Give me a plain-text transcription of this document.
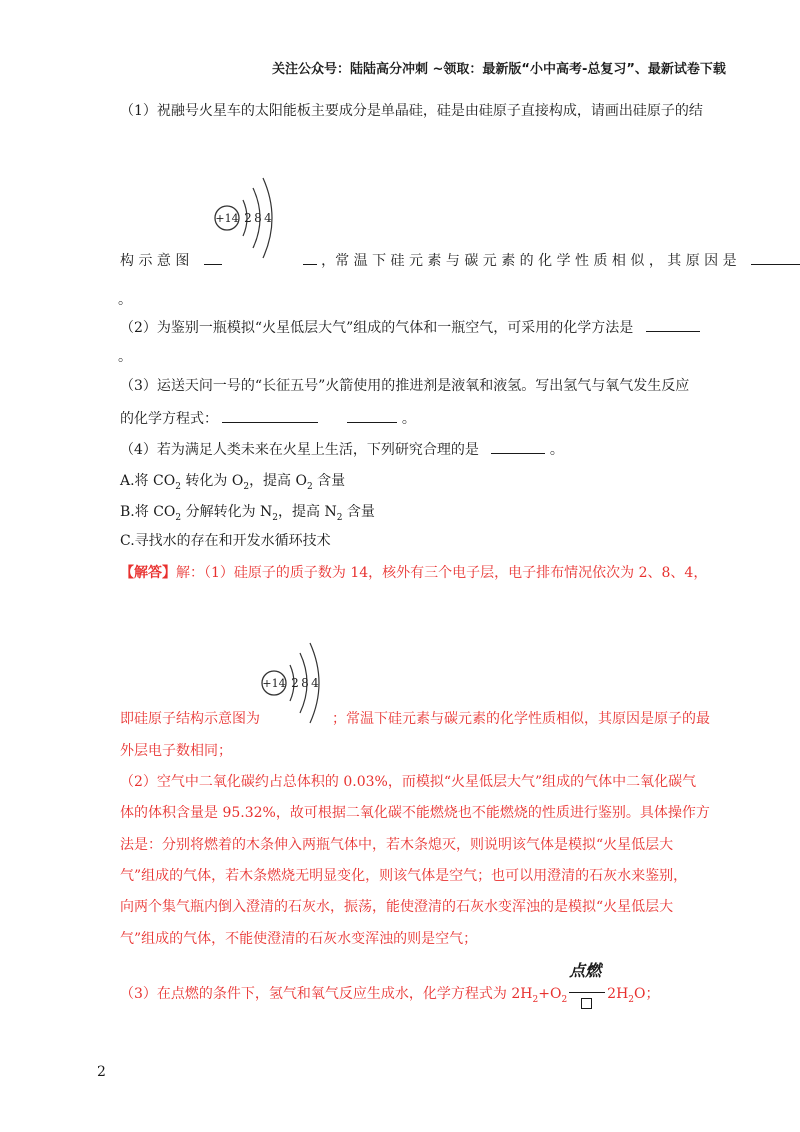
关注公众号：陆陆高分冲刺 ~领取：最新版“小中高考-总复习”、最新试卷下载
（1）祝融号火星车的太阳能板主要成分是单晶硅，硅是由硅原子直接构成，请画出硅原子的结
+14 2 8 4
构 示 意 图	，常 温 下 硅 元 素 与 碳 元 素 的 化 学 性 质 相 似 ， 其 原 因 是
。
（2）为鉴别一瓶模拟“火星低层大气”组成的气体和一瓶空气，可采用的化学方法是
。
（3）运送天问一号的“长征五号”火箭使用的推进剂是液氧和液氢。写出氢气与氧气发生反应
的化学方程式：	。
（4）若为满足人类未来在火星上生活，下列研究合理的是	。
A.将 $CO_2$ 转化为 $O_2$，提高 $O_2$ 含量
B.将 $CO_2$ 分解转化为 $N_2$，提高 $N_2$ 含量
C.寻找水的存在和开发水循环技术
【解答】解：（1）硅原子的质子数为 14，核外有三个电子层，电子排布情况依次为 2、8、4，
+14 2 8 4
即硅原子结构示意图为	；常温下硅元素与碳元素的化学性质相似，其原因是原子的最
外层电子数相同；
（2）空气中二氧化碳约占总体积的 0.03%，而模拟“火星低层大气”组成的气体中二氧化碳气
体的体积含量是 95.32%，故可根据二氧化碳不能燃烧也不能燃烧的性质进行鉴别。具体操作方
法是：分别将燃着的木条伸入两瓶气体中，若木条熄灭，则说明该气体是模拟“火星低层大
气”组成的气体，若木条燃烧无明显变化，则该气体是空气；也可以用澄清的石灰水来鉴别，
向两个集气瓶内倒入澄清的石灰水，振荡，能使澄清的石灰水变浑浊的是模拟“火星低层大
气”组成的气体，不能使澄清的石灰水变浑浊的则是空气；
（3）在点燃的条件下，氢气和氧气反应生成水，化学方程式为 $2H_2+O_2$
点燃
$2H_2O$；
2
